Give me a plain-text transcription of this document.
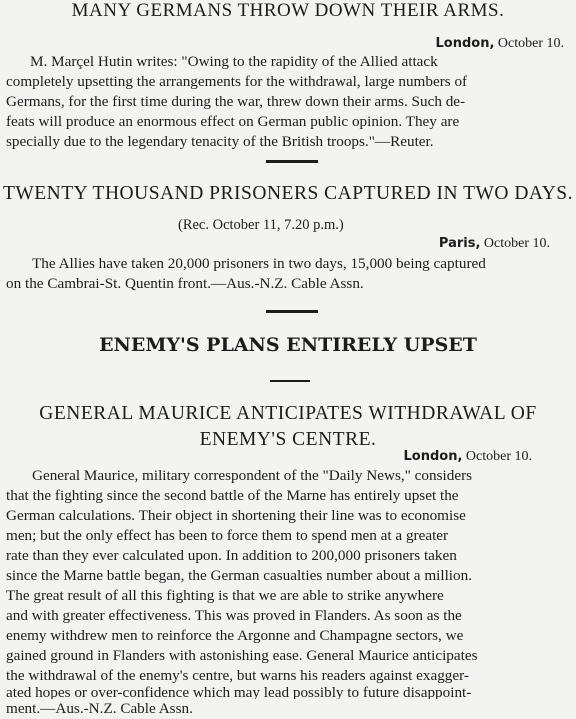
MANY GERMANS THROW DOWN THEIR ARMS.
London, October 10.
M. Marçel Hutin writes: "Owing to the rapidity of the Allied attack
completely upsetting the arrangements for the withdrawal, large numbers of
Germans, for the first time during the war, threw down their arms. Such de-
feats will produce an enormous effect on German public opinion. They are
specially due to the legendary tenacity of the British troops."—Reuter.
TWENTY THOUSAND PRISONERS CAPTURED IN TWO DAYS.
(Rec. October 11, 7.20 p.m.)
Paris, October 10.
The Allies have taken 20,000 prisoners in two days, 15,000 being captured
on the Cambrai-St. Quentin front.—Aus.-N.Z. Cable Assn.
ENEMY'S PLANS ENTIRELY UPSET
GENERAL MAURICE ANTICIPATES WITHDRAWAL OF
ENEMY'S CENTRE.
London, October 10.
General Maurice, military correspondent of the "Daily News," considers
that the fighting since the second battle of the Marne has entirely upset the
German calculations. Their object in shortening their line was to economise
men; but the only effect has been to force them to spend men at a greater
rate than they ever calculated upon. In addition to 200,000 prisoners taken
since the Marne battle began, the German casualties number about a million.
The great result of all this fighting is that we are able to strike anywhere
and with greater effectiveness. This was proved in Flanders. As soon as the
enemy withdrew men to reinforce the Argonne and Champagne sectors, we
gained ground in Flanders with astonishing ease. General Maurice anticipates
the withdrawal of the enemy's centre, but warns his readers against exagger-
ated hopes or over-confidence which may lead possibly to future disappoint-
ment.—Aus.-N.Z. Cable Assn.
